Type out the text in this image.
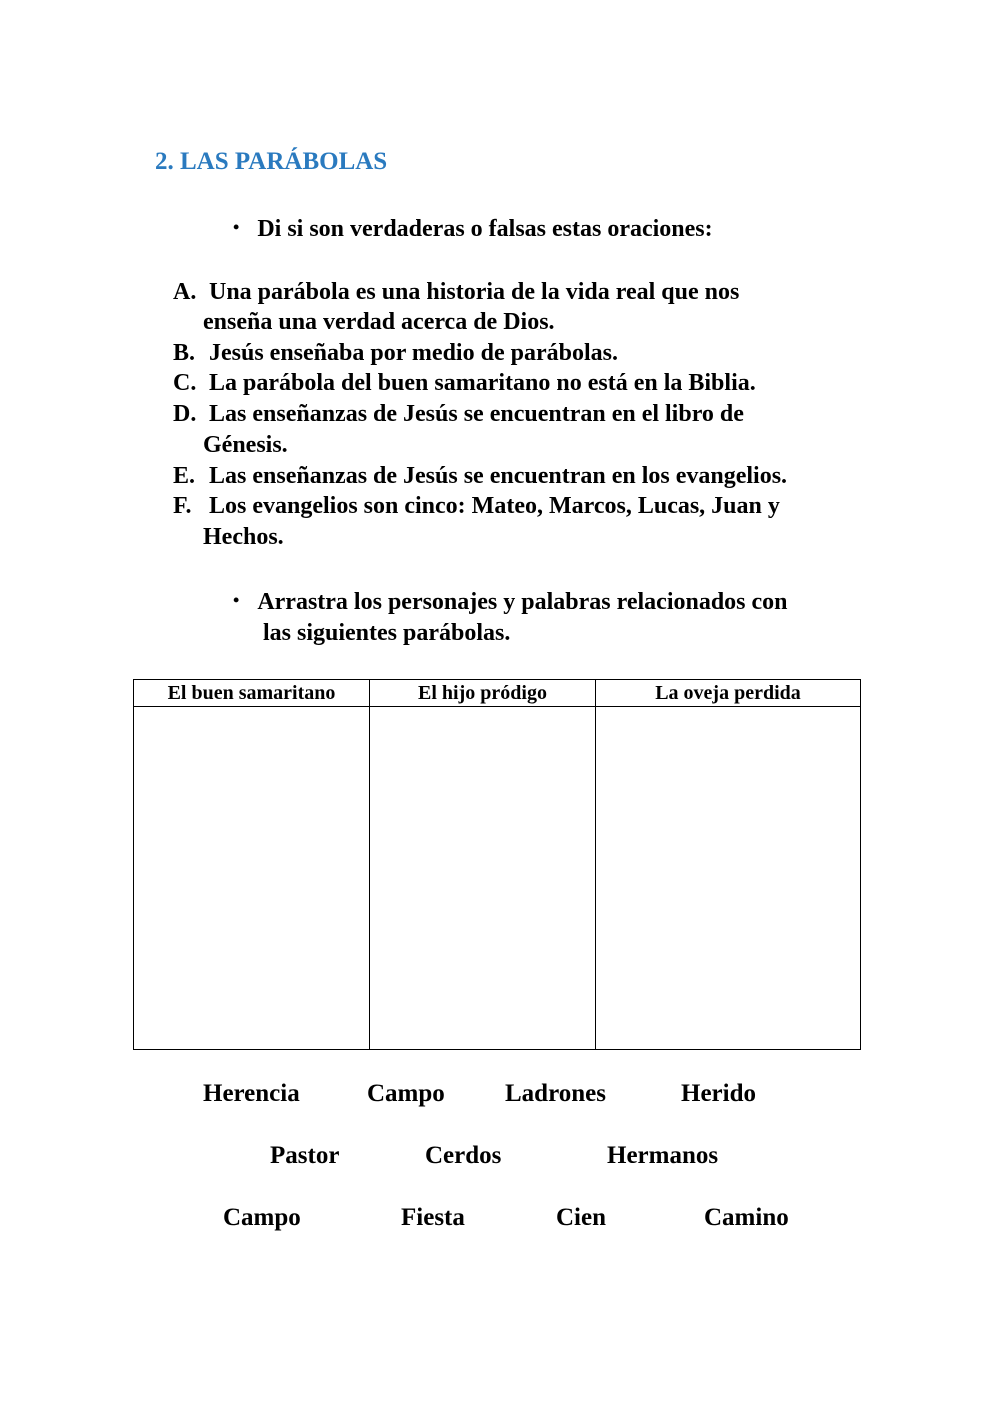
2. LAS PARÁBOLAS
• Di si son verdaderas o falsas estas oraciones:
A. Una parábola es una historia de la vida real que nos
enseña una verdad acerca de Dios.
B. Jesús enseñaba por medio de parábolas.
C. La parábola del buen samaritano no está en la Biblia.
D. Las enseñanzas de Jesús se encuentran en el libro de
Génesis.
E. Las enseñanzas de Jesús se encuentran en los evangelios.
F. Los evangelios son cinco: Mateo, Marcos, Lucas, Juan y
Hechos.
• Arrastra los personajes y palabras relacionados con
las siguientes parábolas.
El buen samaritano	El hijo pródigo	La oveja perdida

Herencia	Campo Ladrones	Herido
Pastor	Cerdos	Hermanos
Campo	Fiesta	Cien	Camino
